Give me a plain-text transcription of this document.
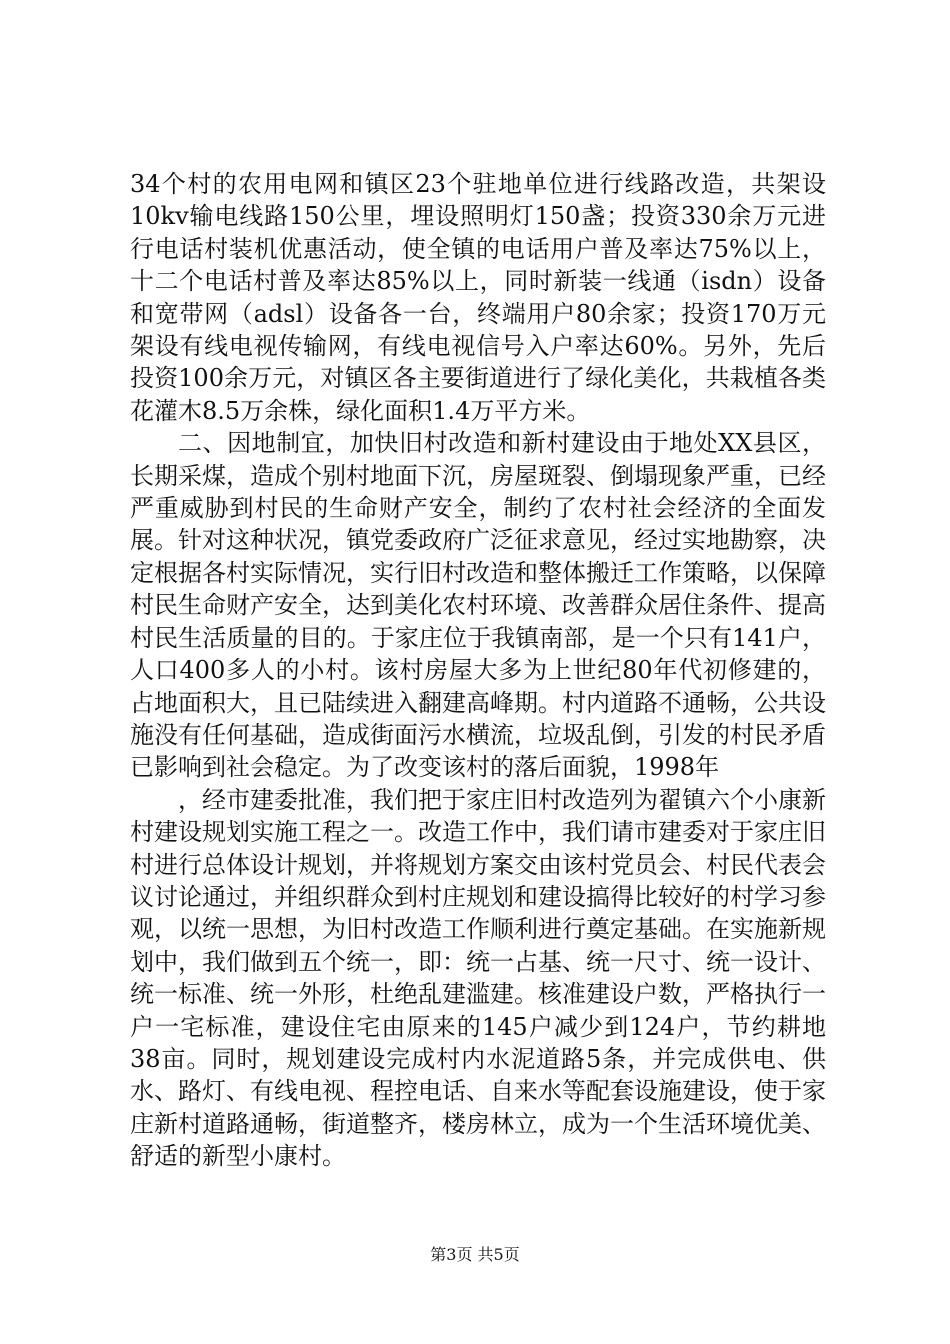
34个村的农用电网和镇区23个驻地单位进行线路改造，共架设10kv输电线路150公里，埋设照明灯150盏；投资330余万元进行电话村装机优惠活动，使全镇的电话用户普及率达75%以上，十二个电话村普及率达85%以上，同时新装一线通（isdn）设备和宽带网（adsl）设备各一台，终端用户80余家；投资170万元架设有线电视传输网，有线电视信号入户率达60%。另外，先后投资100余万元，对镇区各主要街道进行了绿化美化，共栽植各类花灌木8.5万余株，绿化面积1.4万平方米。

二、因地制宜，加快旧村改造和新村建设由于地处XX县区，长期采煤，造成个别村地面下沉，房屋斑裂、倒塌现象严重，已经严重威胁到村民的生命财产安全，制约了农村社会经济的全面发展。针对这种状况，镇党委政府广泛征求意见，经过实地勘察，决定根据各村实际情况，实行旧村改造和整体搬迁工作策略，以保障村民生命财产安全，达到美化农村环境、改善群众居住条件、提高村民生活质量的目的。于家庄位于我镇南部，是一个只有141户，人口400多人的小村。该村房屋大多为上世纪80年代初修建的，占地面积大，且已陆续进入翻建高峰期。村内道路不通畅，公共设施没有任何基础，造成街面污水横流，垃圾乱倒，引发的村民矛盾已影响到社会稳定。为了改变该村的落后面貌，1998年

，经市建委批准，我们把于家庄旧村改造列为翟镇六个小康新村建设规划实施工程之一。改造工作中，我们请市建委对于家庄旧村进行总体设计规划，并将规划方案交由该村党员会、村民代表会议讨论通过，并组织群众到村庄规划和建设搞得比较好的村学习参观，以统一思想，为旧村改造工作顺利进行奠定基础。在实施新规划中，我们做到五个统一，即：统一占基、统一尺寸、统一设计、统一标准、统一外形，杜绝乱建滥建。核准建设户数，严格执行一户一宅标准，建设住宅由原来的145户减少到124户，节约耕地38亩。同时，规划建设完成村内水泥道路5条，并完成供电、供水、路灯、有线电视、程控电话、自来水等配套设施建设，使于家庄新村道路通畅，街道整齐，楼房林立，成为一个生活环境优美、舒适的新型小康村。

第3页 共5页
